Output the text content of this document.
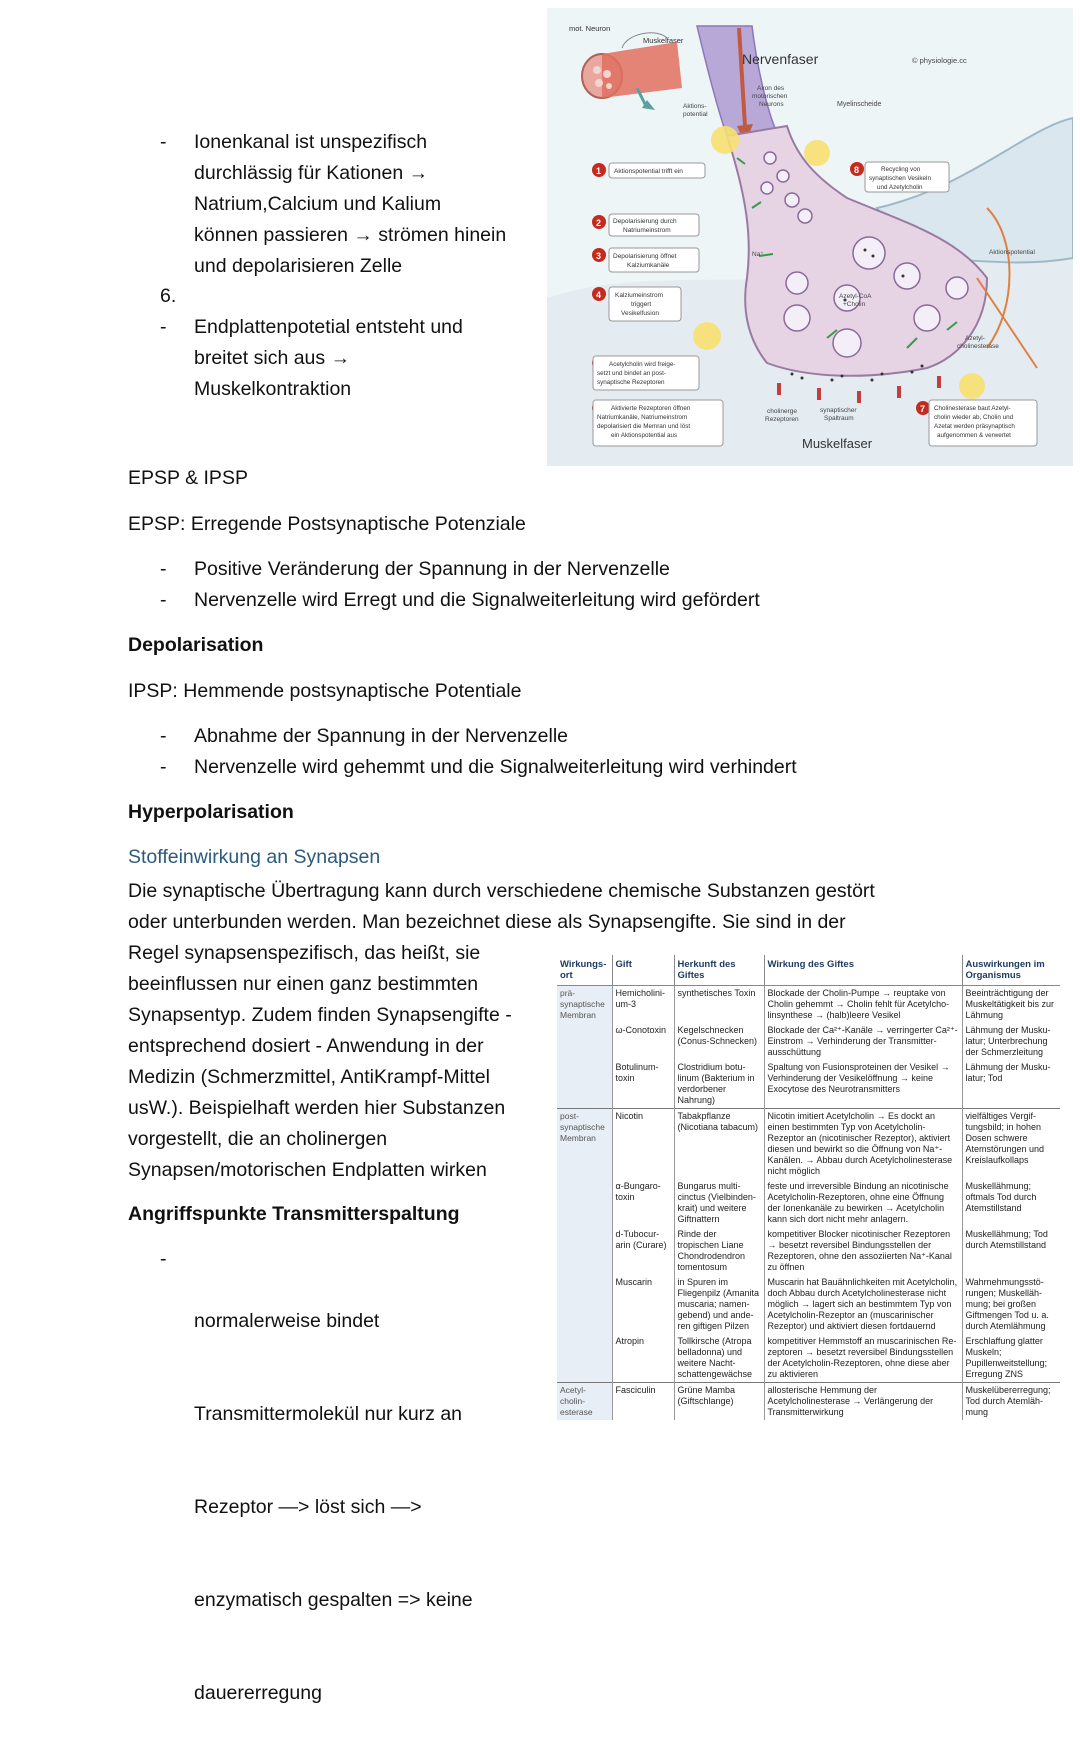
- Ionenkanal ist unspezifisch
durchlässig für Kationen →
Natrium,Calcium und Kalium
können passieren → strömen hinein
und depolarisieren Zelle
6.
- Endplattenpotetial entsteht und
breitet sich aus →
Muskelkontraktion
mot. Neuron
Muskelfaser
Nervenfaser	© physiologie.cc
Axon des
motorischen
Neurons
Aktions-
potential
Myelinscheide
Aktionspotential
Azetyl-CoA
+Cholin
Azetyl-
cholinesterase
Na⁺
cholinerge
Rezeptoren
synaptischer
Spaltraum
Muskelfaser
1 Aktionspotential trifft ein
2 Depolarisierung durch
Natriumeinstrom
3 Depolarisierung öffnet
Kalziumkanäle
4 Kalziumeinstrom
triggert
Vesikelfusion
Acetylcholin wird freige-
setzt und bindet an post-
synaptische Rezeptoren
Aktivierte Rezeptoren öffnen
Natriumkanäle, Natriumeinstrom
depolarisiert die Memran und löst
ein Aktionspotential aus
7 Cholinesterase baut Azetyl-
cholin wieder ab, Cholin und
Azetat werden präsynaptisch
aufgenommen & verwertet
8	Recycling von
synaptischen Vesikeln
und Azetylcholin
EPSP & IPSP
EPSP: Erregende Postsynaptische Potenziale
- Positive Veränderung der Spannung in der Nervenzelle
- Nervenzelle wird Erregt und die Signalweiterleitung wird gefördert
Depolarisation
IPSP: Hemmende postsynaptische Potentiale
- Abnahme der Spannung in der Nervenzelle
- Nervenzelle wird gehemmt und die Signalweiterleitung wird verhindert
Hyperpolarisation
Stoffeinwirkung an Synapsen
Die synaptische Übertragung kann durch verschiedene chemische Substanzen gestört
oder unterbunden werden. Man bezeichnet diese als Synapsengifte. Sie sind in der
Regel synapsenspezifisch, das heißt, sie
beeinflussen nur einen ganz bestimmten
Synapsentyp. Zudem finden Synapsengifte -
entsprechend dosiert - Anwendung in der
Medizin (Schmerzmittel, AntiKrampf-Mittel
usW.). Beispielhaft werden hier Substanzen
vorgestellt, die an cholinergen
Synapsen/motorischen Endplatten wirken
Angriffspunkte Transmitterspaltung
-

normalerweise bindet

Transmittermolekül nur kurz an

Rezeptor —> löst sich —>

enzymatisch gespalten => keine

dauererregung

Wirkungs-ort	Gift	Herkunft des Giftes	Wirkung des Giftes	Auswirkungen im Organismus
prä-synaptische Membran	Hemicholini-um-3	synthetisches Toxin	Blockade der Cholin-Pumpe → reuptake von Cholin gehemmt → Cholin fehlt für Acetylcho-linsynthese → (halb)leere Vesikel	Beeinträchtigung der Muskeltätigkeit bis zur Lähmung
	ω-Conotoxin	Kegelschnecken (Conus-Schnecken)	Blockade der Ca²⁺-Kanäle → verringerter Ca²⁺-Einstrom → Verhinderung der Transmitter-ausschüttung	Lähmung der Musku-latur; Unterbrechung der Schmerzleitung
	Botulinum-toxin	Clostridium botu-linum (Bakterium in verdorbener Nahrung)	Spaltung von Fusionsproteinen der Vesikel → Verhinderung der Vesikelöffnung → keine Exocytose des Neurotransmitters	Lähmung der Musku-latur; Tod
post-synaptische Membran	Nicotin	Tabakpflanze (Nicotiana tabacum)	Nicotin imitiert Acetylcholin → Es dockt an einen bestimmten Typ von Acetylcholin-Rezeptor an (nicotinischer Rezeptor), aktiviert diesen und bewirkt so die Öffnung von Na⁺-Kanälen. → Abbau durch Acetylcholinesterase nicht möglich	vielfältiges Vergif-tungsbild; in hohen Dosen schwere Atemstörungen und Kreislaufkollaps
	α-Bungaro-toxin	Bungarus multi-cinctus (Vielbinden-krait) und weitere Giftnattern	feste und irreversible Bindung an nicotinische Acetylcholin-Rezeptoren, ohne eine Öffnung der Ionenkanäle zu bewirken → Acetylcholin kann sich dort nicht mehr anlagern.	Muskellähmung; oftmals Tod durch Atemstillstand
	d-Tubocur-arin (Curare)	Rinde der tropischen Liane Chondrodendron tomentosum	kompetitiver Blocker nicotinischer Rezeptoren → besetzt reversibel Bindungsstellen der Rezeptoren, ohne den assoziierten Na⁺-Kanal zu öffnen	Muskellähmung; Tod durch Atemstillstand
	Muscarin	in Spuren im Fliegenpilz (Amanita muscaria; namen-gebend) und ande-ren giftigen Pilzen	Muscarin hat Bauähnlichkeiten mit Acetylcholin, doch Abbau durch Acetylcholinesterase nicht möglich → lagert sich an bestimmtem Typ von Acetylcholin-Rezeptor an (muscarinischer Rezeptor) und aktiviert diesen fortdauernd	Wahrnehmungsstö-rungen; Muskelläh-mung; bei großen Giftmengen Tod u. a. durch Atemlähmung
	Atropin	Tollkirsche (Atropa belladonna) und weitere Nacht-schattengewächse	kompetitiver Hemmstoff an muscarinischen Re-zeptoren → besetzt reversibel Bindungsstellen der Acetylcholin-Rezeptoren, ohne diese aber zu aktivieren	Erschlaffung glatter Muskeln; Pupillenweitstellung; Erregung ZNS
Acetyl-cholin-esterase	Fasciculin	Grüne Mamba (Giftschlange)	allosterische Hemmung der Acetylcholinesterase → Verlängerung der Transmitterwirkung	Muskelübererregung; Tod durch Atemläh-mung
